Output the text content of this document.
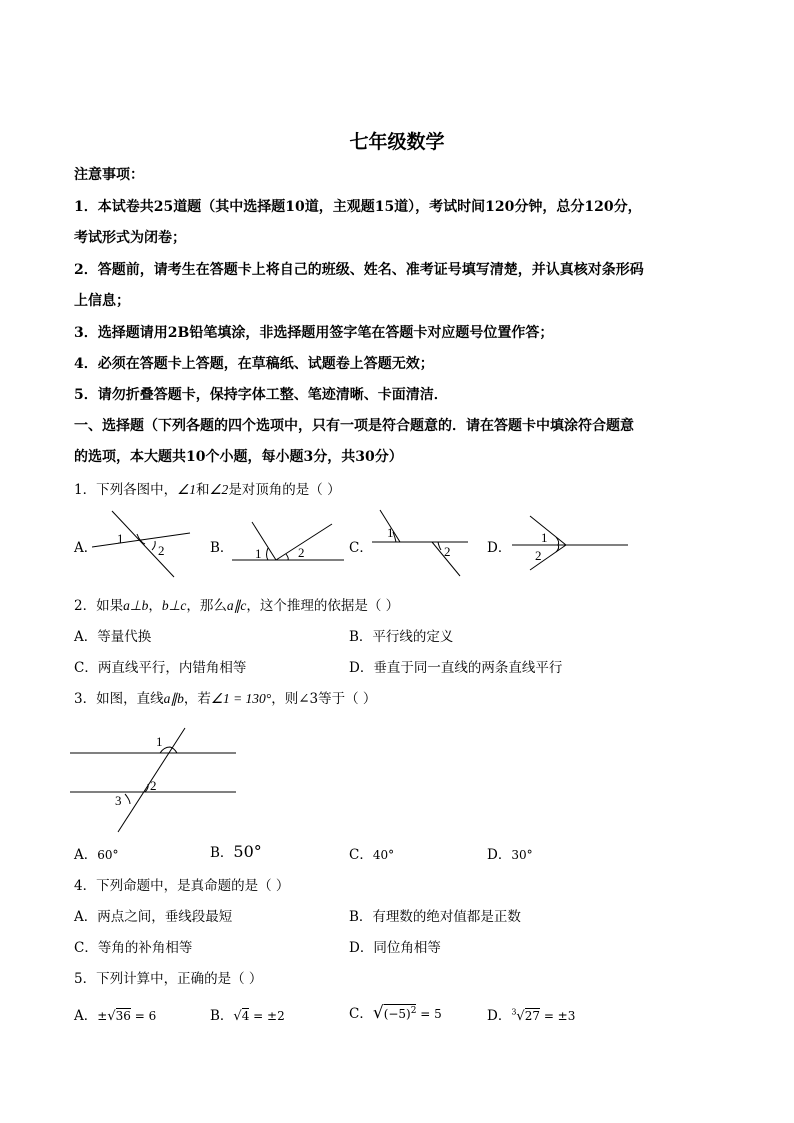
七年级数学
注意事项：
1．本试卷共25道题（其中选择题10道，主观题15道），考试时间120分钟，总分120分，
考试形式为闭卷；
2．答题前，请考生在答题卡上将自己的班级、姓名、准考证号填写清楚，并认真核对条形码
上信息；
3．选择题请用2B铅笔填涂，非选择题用签字笔在答题卡对应题号位置作答；
4．必须在答题卡上答题，在草稿纸、试题卷上答题无效；
5．请勿折叠答题卡，保持字体工整、笔迹清晰、卡面清洁．
一、选择题（下列各题的四个选项中，只有一项是符合题意的．请在答题卡中填涂符合题意
的选项，本大题共10个小题，每小题3分，共30分）
1．下列各图中，∠1和∠2是对顶角的是（ ）
A．
1
2	B． 1	2	C．
1
2	D．
1
2
2．如果a⊥b，b⊥c，那么a∥c，这个推理的依据是（ ）
A．等量代换	B．平行线的定义
C．两直线平行，内错角相等	D．垂直于同一直线的两条直线平行
3．如图，直线a∥b，若∠1 = 130°，则∠3等于（ ）
1
2
3
A．60°	B．50°	C．40°	D．30°
4．下列命题中，是真命题的是（ ）
A．两点之间，垂线段最短	B．有理数的绝对值都是正数
C．等角的补角相等	D．同位角相等
5．下列计算中，正确的是（ ）
A．±√36 = 6	B．√4 = ±2	C．$√(-5)^2 = 5$	D．$^3$√27 = ±3
